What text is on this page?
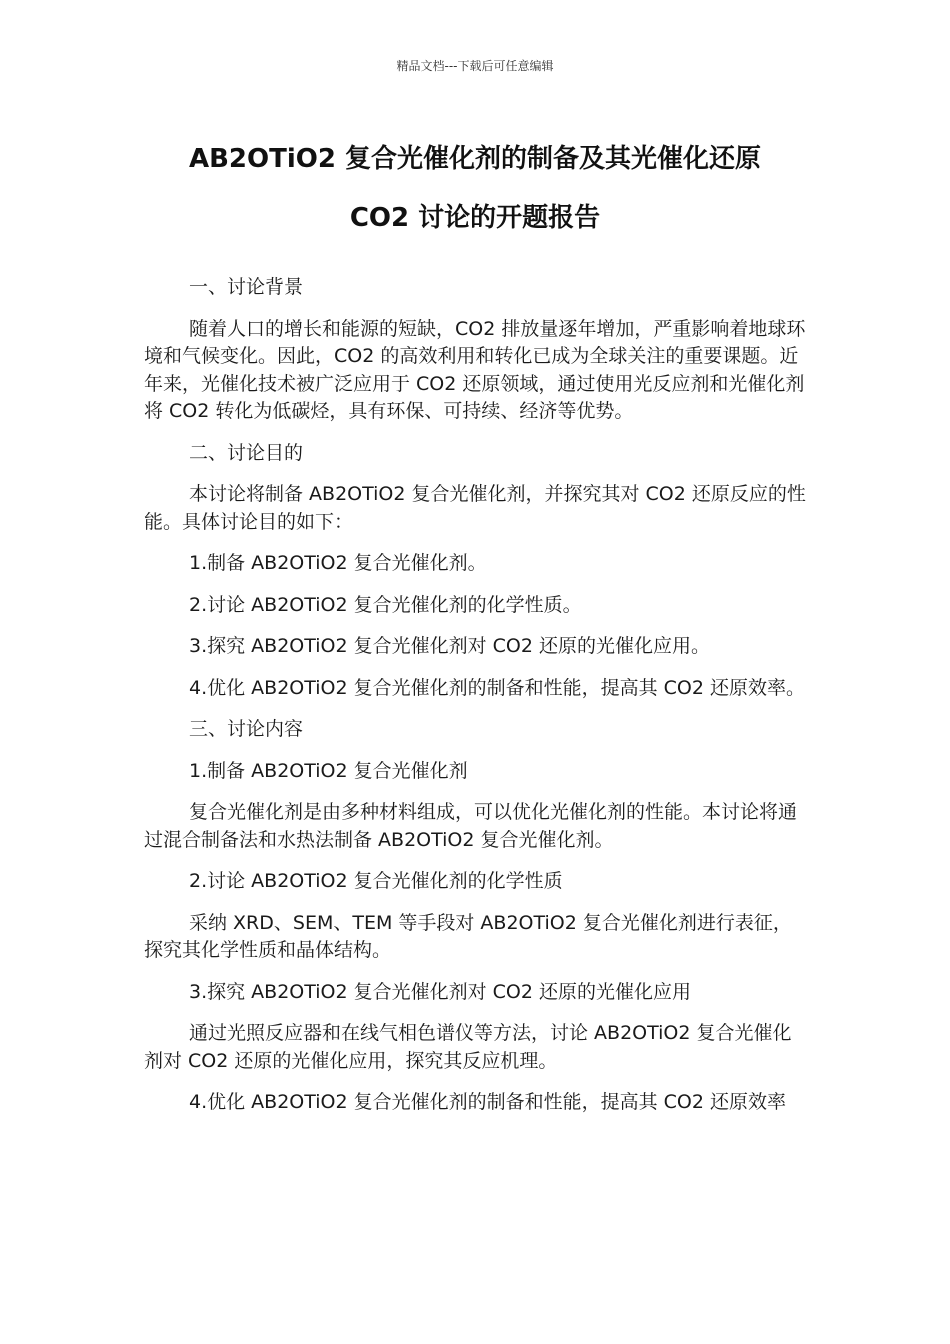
精品文档---下载后可任意编辑
AB2OTiO2 复合光催化剂的制备及其光催化还原
CO2 讨论的开题报告

一、讨论背景

随着人口的增长和能源的短缺，CO2 排放量逐年增加，严重影响着地球环境和气候变化。因此，CO2 的高效利用和转化已成为全球关注的重要课题。近年来，光催化技术被广泛应用于 CO2 还原领域，通过使用光反应剂和光催化剂将 CO2 转化为低碳烃，具有环保、可持续、经济等优势。

二、讨论目的

本讨论将制备 AB2OTiO2 复合光催化剂，并探究其对 CO2 还原反应的性能。具体讨论目的如下：

1.制备 AB2OTiO2 复合光催化剂。

2.讨论 AB2OTiO2 复合光催化剂的化学性质。

3.探究 AB2OTiO2 复合光催化剂对 CO2 还原的光催化应用。

4.优化 AB2OTiO2 复合光催化剂的制备和性能，提高其 CO2 还原效率。

三、讨论内容

1.制备 AB2OTiO2 复合光催化剂

复合光催化剂是由多种材料组成，可以优化光催化剂的性能。本讨论将通过混合制备法和水热法制备 AB2OTiO2 复合光催化剂。

2.讨论 AB2OTiO2 复合光催化剂的化学性质

采纳 XRD、SEM、TEM 等手段对 AB2OTiO2 复合光催化剂进行表征，探究其化学性质和晶体结构。

3.探究 AB2OTiO2 复合光催化剂对 CO2 还原的光催化应用

通过光照反应器和在线气相色谱仪等方法，讨论 AB2OTiO2 复合光催化剂对 CO2 还原的光催化应用，探究其反应机理。

4.优化 AB2OTiO2 复合光催化剂的制备和性能，提高其 CO2 还原效率
